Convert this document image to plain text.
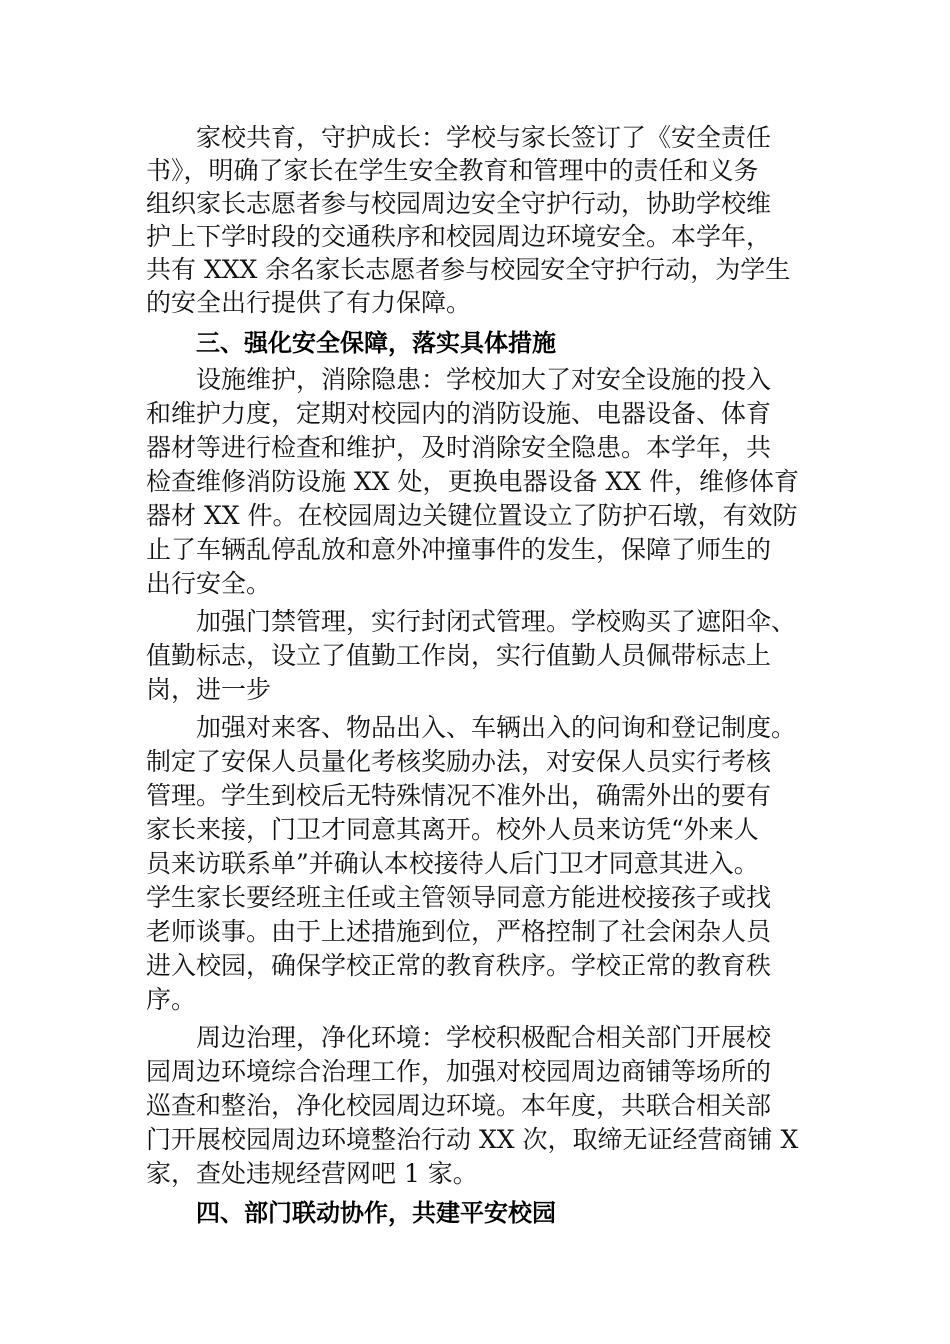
家校共育，守护成长：学校与家长签订了《安全责任
书》，明确了家长在学生安全教育和管理中的责任和义务
组织家长志愿者参与校园周边安全守护行动，协助学校维
护上下学时段的交通秩序和校园周边环境安全。本学年，
共有 XXX 余名家长志愿者参与校园安全守护行动，为学生
的安全出行提供了有力保障。
三、强化安全保障，落实具体措施
设施维护，消除隐患：学校加大了对安全设施的投入
和维护力度，定期对校园内的消防设施、电器设备、体育
器材等进行检查和维护，及时消除安全隐患。本学年，共
检查维修消防设施 XX 处，更换电器设备 XX 件，维修体育
器材 XX 件。在校园周边关键位置设立了防护石墩，有效防
止了车辆乱停乱放和意外冲撞事件的发生，保障了师生的
出行安全。
加强门禁管理，实行封闭式管理。学校购买了遮阳伞、
值勤标志，设立了值勤工作岗，实行值勤人员佩带标志上
岗，进一步
加强对来客、物品出入、车辆出入的问询和登记制度。
制定了安保人员量化考核奖励办法，对安保人员实行考核
管理。学生到校后无特殊情况不准外出，确需外出的要有
家长来接，门卫才同意其离开。校外人员来访凭“外来人
员来访联系单”并确认本校接待人后门卫才同意其进入。
学生家长要经班主任或主管领导同意方能进校接孩子或找
老师谈事。由于上述措施到位，严格控制了社会闲杂人员
进入校园，确保学校正常的教育秩序。学校正常的教育秩
序。
周边治理，净化环境：学校积极配合相关部门开展校
园周边环境综合治理工作，加强对校园周边商铺等场所的
巡查和整治，净化校园周边环境。本年度，共联合相关部
门开展校园周边环境整治行动 XX 次，取缔无证经营商铺 X
家，查处违规经营网吧 1 家。
四、部门联动协作，共建平安校园
